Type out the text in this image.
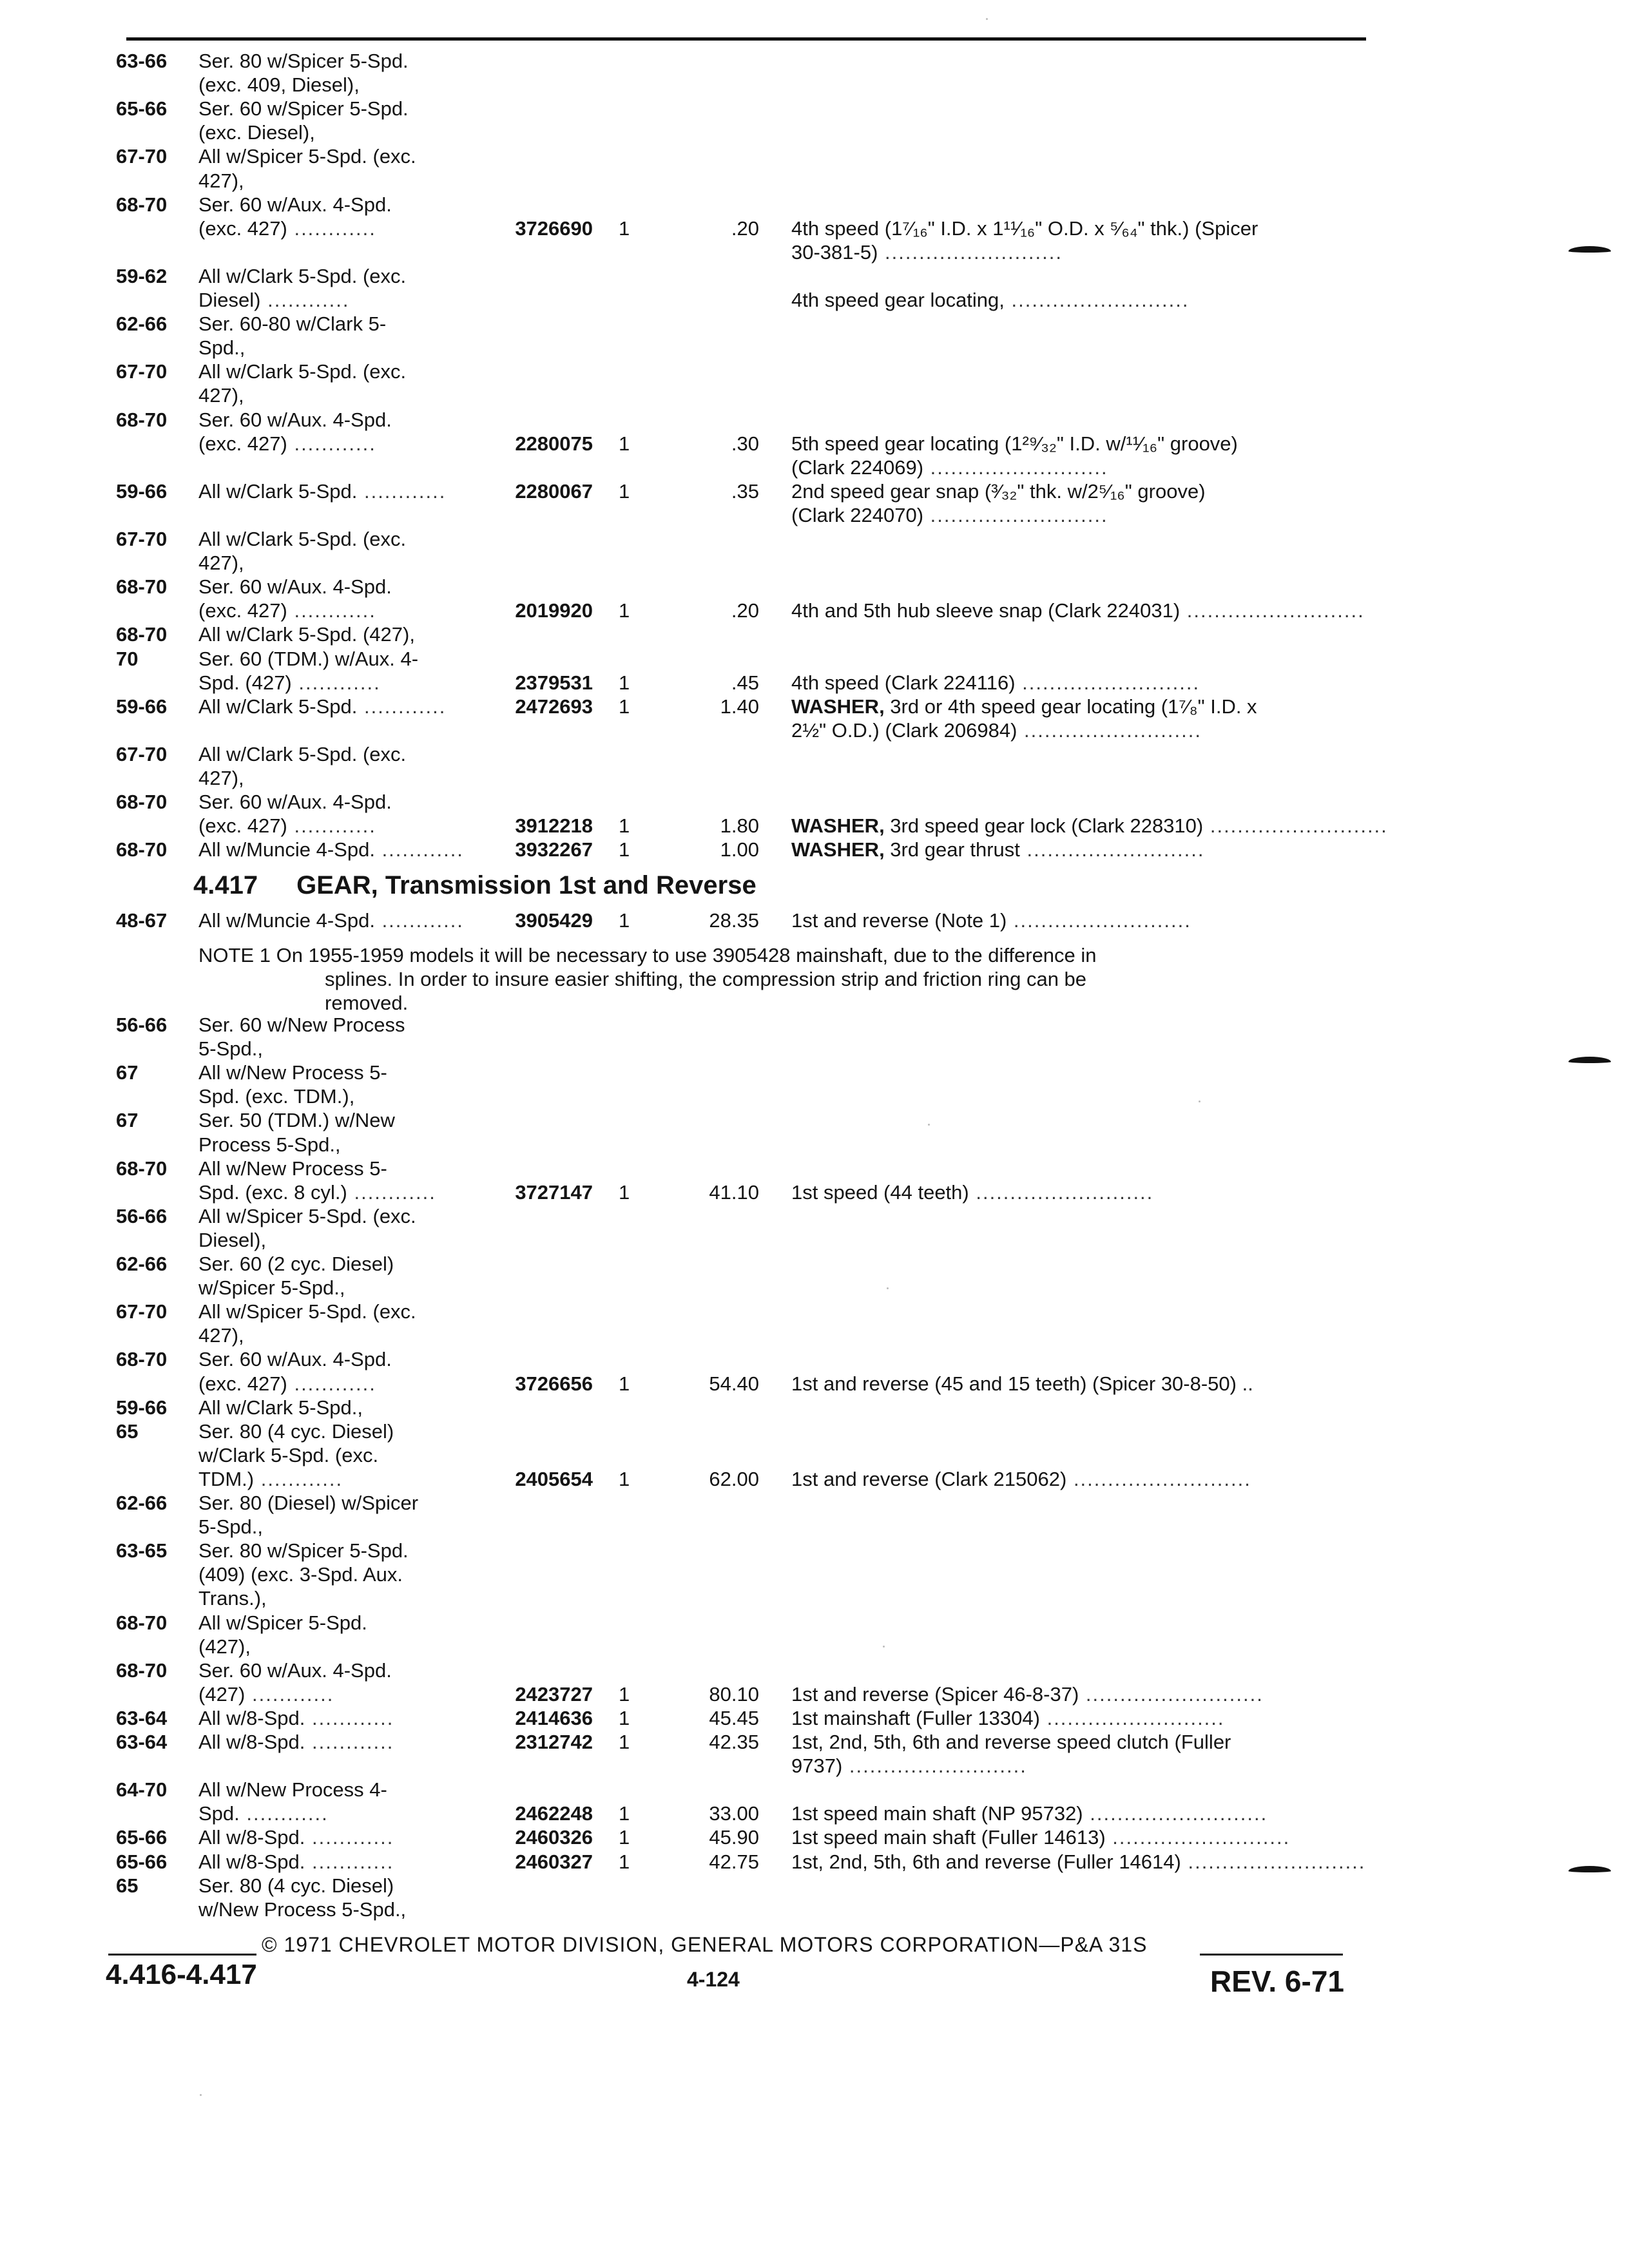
63-66 Ser. 80 w/Spicer 5-Spd.
(exc. 409, Diesel),
65-66 Ser. 60 w/Spicer 5-Spd.
(exc. Diesel),
67-70 All w/Spicer 5-Spd. (exc.
427),
68-70 Ser. 60 w/Aux. 4-Spd.
(exc. 427) ............	3726690 1	.20 4th speed (1⁷⁄₁₆" I.D. x 1¹¹⁄₁₆" O.D. x ⁵⁄₆₄" thk.) (Spicer
30-381-5) ..........................
59-62 All w/Clark 5-Spd. (exc.
Diesel) ............	4th speed gear locating, ..........................
62-66 Ser. 60-80 w/Clark 5-
Spd.,
67-70 All w/Clark 5-Spd. (exc.
427),
68-70 Ser. 60 w/Aux. 4-Spd.
(exc. 427) ............	2280075 1	.30 5th speed gear locating (1²⁹⁄₃₂" I.D. w/¹¹⁄₁₆" groove)
(Clark 224069) ..........................
59-66 All w/Clark 5-Spd. ............	2280067 1	.35 2nd speed gear snap (³⁄₃₂" thk. w/2⁵⁄₁₆" groove)
(Clark 224070) ..........................
67-70 All w/Clark 5-Spd. (exc.
427),
68-70 Ser. 60 w/Aux. 4-Spd.
(exc. 427) ............	2019920 1	.20 4th and 5th hub sleeve snap (Clark 224031) ..........................
68-70 All w/Clark 5-Spd. (427),
70	Ser. 60 (TDM.) w/Aux. 4-
Spd. (427) ............	2379531 1	.45 4th speed (Clark 224116) ..........................
59-66 All w/Clark 5-Spd. ............	2472693 1	1.40 WASHER, 3rd or 4th speed gear locating (1⁷⁄₈" I.D. x
2½" O.D.) (Clark 206984) ..........................
67-70 All w/Clark 5-Spd. (exc.
427),
68-70 Ser. 60 w/Aux. 4-Spd.
(exc. 427) ............	3912218 1	1.80 WASHER, 3rd speed gear lock (Clark 228310) ..........................
68-70 All w/Muncie 4-Spd. ............	3932267 1	1.00 WASHER, 3rd gear thrust ..........................
4.417 GEAR, Transmission 1st and Reverse
48-67 All w/Muncie 4-Spd. ............	3905429 1	28.35 1st and reverse (Note 1) ..........................
NOTE 1 On 1955-1959 models it will be necessary to use 3905428 mainshaft, due to the difference in
splines. In order to insure easier shifting, the compression strip and friction ring can be
removed.
56-66 Ser. 60 w/New Process
5-Spd.,
67	All w/New Process 5-
Spd. (exc. TDM.),
67	Ser. 50 (TDM.) w/New
Process 5-Spd.,
68-70 All w/New Process 5-
Spd. (exc. 8 cyl.) ............	3727147 1	41.10 1st speed (44 teeth) ..........................
56-66 All w/Spicer 5-Spd. (exc.
Diesel),
62-66 Ser. 60 (2 cyc. Diesel)
w/Spicer 5-Spd.,
67-70 All w/Spicer 5-Spd. (exc.
427),
68-70 Ser. 60 w/Aux. 4-Spd.
(exc. 427) ............	3726656 1	54.40 1st and reverse (45 and 15 teeth) (Spicer 30-8-50) ..
59-66 All w/Clark 5-Spd.,
65	Ser. 80 (4 cyc. Diesel)
w/Clark 5-Spd. (exc.
TDM.) ............	2405654 1	62.00 1st and reverse (Clark 215062) ..........................
62-66 Ser. 80 (Diesel) w/Spicer
5-Spd.,
63-65 Ser. 80 w/Spicer 5-Spd.
(409) (exc. 3-Spd. Aux.
Trans.),
68-70 All w/Spicer 5-Spd.
(427),
68-70 Ser. 60 w/Aux. 4-Spd.
(427) ............	2423727 1	80.10 1st and reverse (Spicer 46-8-37) ..........................
63-64 All w/8-Spd. ............	2414636 1	45.45 1st mainshaft (Fuller 13304) ..........................
63-64 All w/8-Spd. ............	2312742 1	42.35 1st, 2nd, 5th, 6th and reverse speed clutch (Fuller
9737) ..........................
64-70 All w/New Process 4-
Spd. ............	2462248 1	33.00 1st speed main shaft (NP 95732) ..........................
65-66 All w/8-Spd. ............	2460326 1	45.90 1st speed main shaft (Fuller 14613) ..........................
65-66 All w/8-Spd. ............	2460327 1	42.75 1st, 2nd, 5th, 6th and reverse (Fuller 14614) ..........................
65	Ser. 80 (4 cyc. Diesel)
w/New Process 5-Spd.,
© 1971 CHEVROLET MOTOR DIVISION, GENERAL MOTORS CORPORATION—P&A 31S
4.416-4.417	4-124	REV. 6-71
